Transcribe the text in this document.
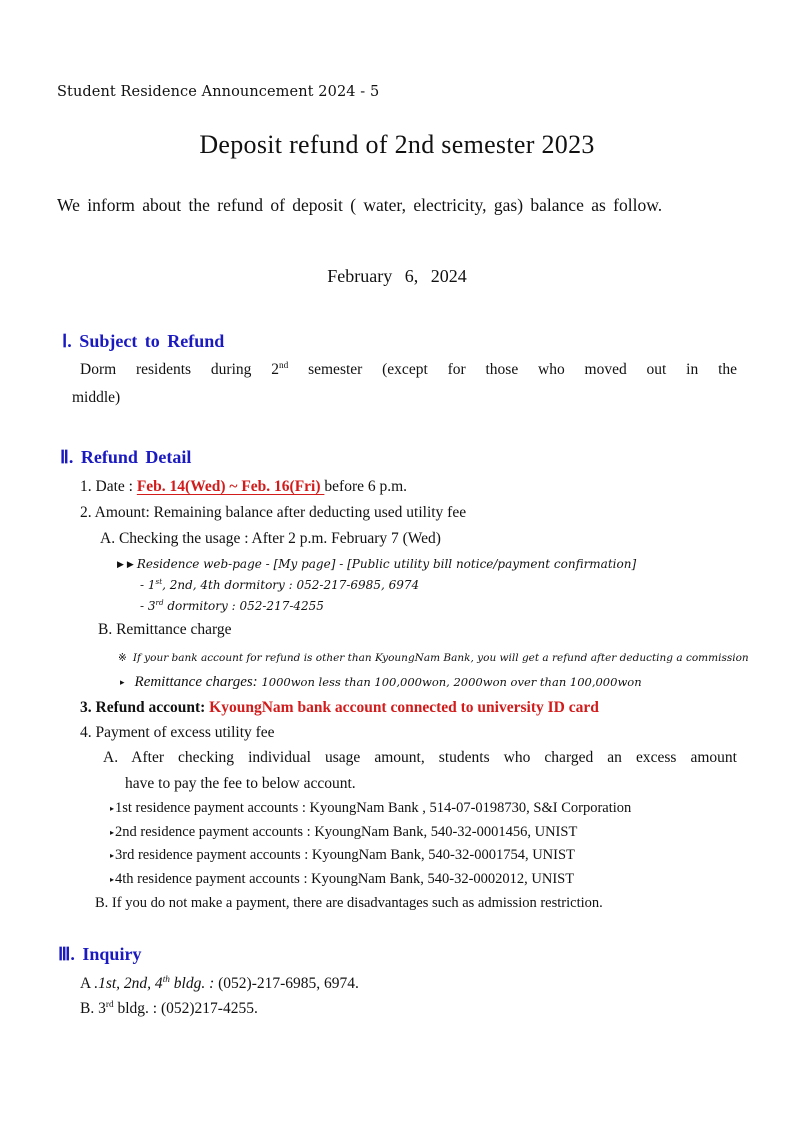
Student Residence Announcement 2024 - 5
Deposit refund of 2nd semester 2023
We inform about the refund of deposit ( water, electricity, gas) balance as follow.
February 6, 2024
Ⅰ. Subject to Refund
Dorm residents during 2nd semester (except for those who moved out in the
middle)
Ⅱ. Refund Detail
1. Date : Feb. 14(Wed) ~ Feb. 16(Fri) before 6 p.m.
2. Amount: Remaining balance after deducting used utility fee
A. Checking the usage : After 2 p.m. February 7 (Wed)
▶ ▶ Residence web-page - [My page] - [Public utility bill notice/payment confirmation]
- 1st, 2nd, 4th dormitory : 052-217-6985, 6974
- 3rd dormitory : 052-217-4255
B. Remittance charge
※ If your bank account for refund is other than KyoungNam Bank, you will get a refund after deducting a commission
▸ Remittance charges: 1000won less than 100,000won, 2000won over than 100,000won
3. Refund account: KyoungNam bank account connected to university ID card
4. Payment of excess utility fee
A. After checking individual usage amount, students who charged an excess amount
have to pay the fee to below account.
▸1st residence payment accounts : KyoungNam Bank , 514-07-0198730, S&I Corporation
▸2nd residence payment accounts : KyoungNam Bank, 540-32-0001456, UNIST
▸3rd residence payment accounts : KyoungNam Bank, 540-32-0001754, UNIST
▸4th residence payment accounts : KyoungNam Bank, 540-32-0002012, UNIST
B. If you do not make a payment, there are disadvantages such as admission restriction.
Ⅲ. Inquiry
A .1st, 2nd, 4th bldg. : (052)-217-6985, 6974.
B. 3rd bldg. : (052)217-4255.
